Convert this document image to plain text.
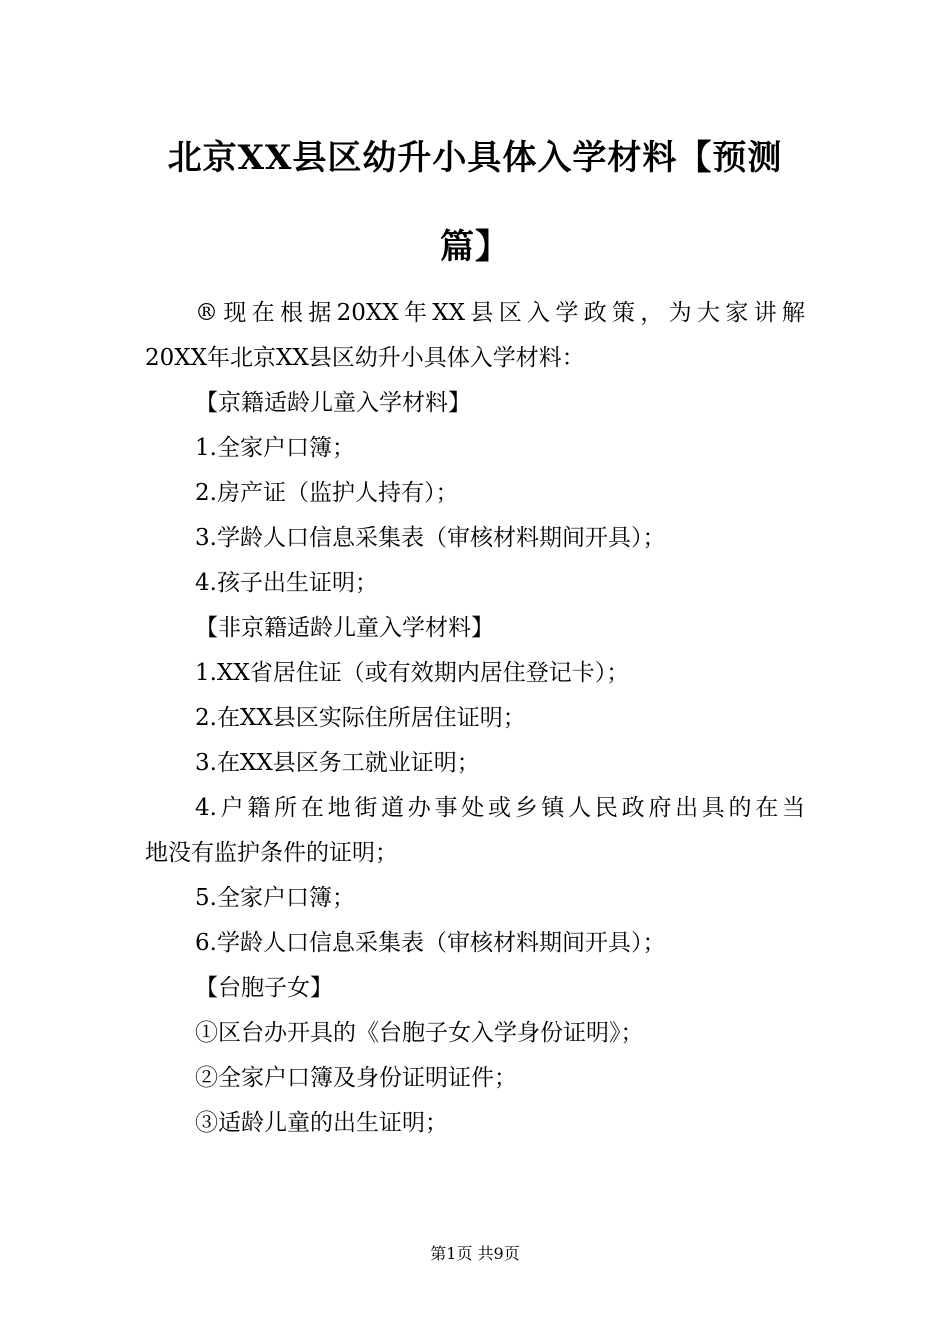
北京XX县区幼升小具体入学材料【预测
篇】
®现在根据20XX年XX县区入学政策，为大家讲解
20XX年北京XX县区幼升小具体入学材料：
【京籍适龄儿童入学材料】
1.全家户口簿；
2.房产证（监护人持有）；
3.学龄人口信息采集表（审核材料期间开具）；
4.孩子出生证明；
【非京籍适龄儿童入学材料】
1.XX省居住证（或有效期内居住登记卡）；
2.在XX县区实际住所居住证明；
3.在XX县区务工就业证明；
4.户籍所在地街道办事处或乡镇人民政府出具的在当
地没有监护条件的证明；
5.全家户口簿；
6.学龄人口信息采集表（审核材料期间开具）；
【台胞子女】
①区台办开具的《台胞子女入学身份证明》；
②全家户口簿及身份证明证件；
③适龄儿童的出生证明；
第1页 共9页
